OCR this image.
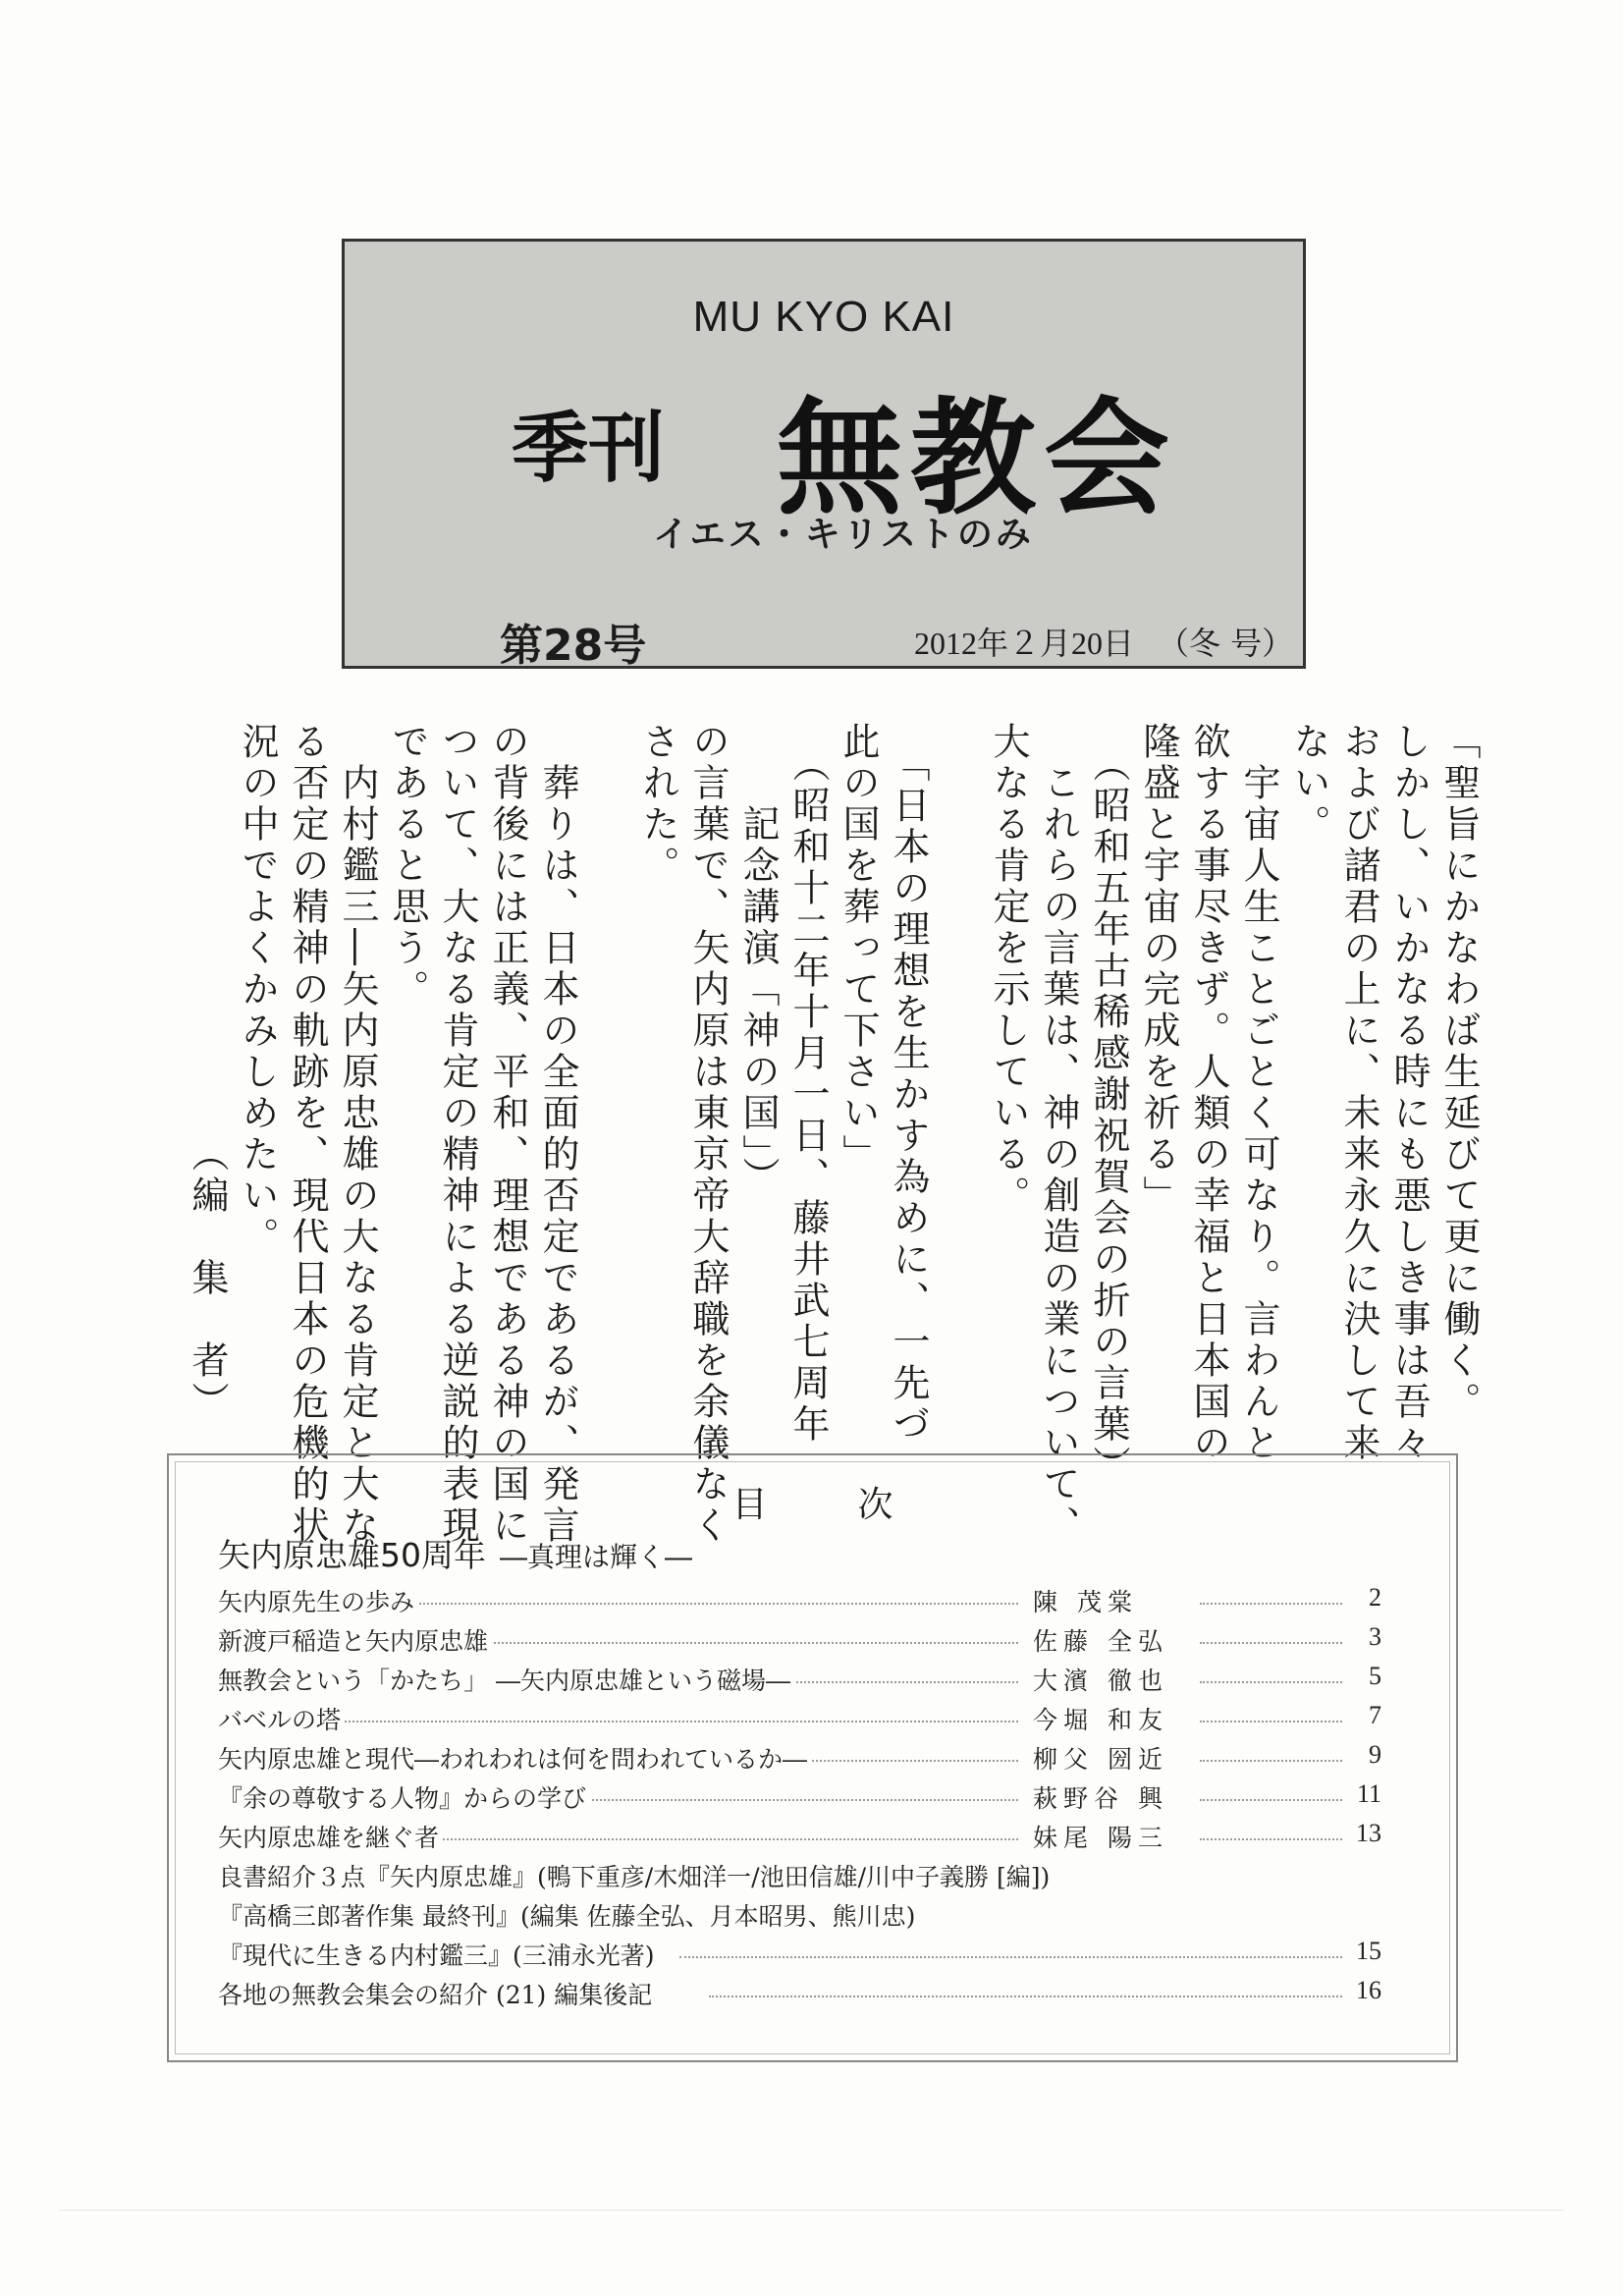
MU KYO KAI
季刊 無教会
イエス・キリストのみ
第28号	2012年２月20日 （冬 号）
「聖旨にかなわば生延びて更に働く。
しかし、いかなる時にも悪しき事は吾々
および諸君の上に、未来永久に決して来
ない。
　宇宙人生ことごとく可なり。言わんと
欲する事尽きず。人類の幸福と日本国の
隆盛と宇宙の完成を祈る」
　（昭和五年古稀感謝祝賀会の折の言葉）
　これらの言葉は、神の創造の業について、
大なる肯定を示している。
　「日本の理想を生かす為めに、一先づ
此の国を葬って下さい」
　（昭和十二年十月一日、藤井武七周年
　　記念講演「神の国」）
の言葉で、矢内原は東京帝大辞職を余儀なく
された。
　葬りは、日本の全面的否定であるが、発言
の背後には正義、平和、理想である神の国に
ついて、大なる肯定の精神による逆説的表現
であると思う。
　内村鑑三―矢内原忠雄の大なる肯定と大な
る否定の精神の軌跡を、現代日本の危機的状
況の中でよくかみしめたい。
（編　集　者）
目次
矢内原忠雄50周年 ―真理は輝く―
矢内原先生の歩み	陳 茂棠	2
新渡戸稲造と矢内原忠雄	佐藤 全弘	3
無教会という「かたち」 ―矢内原忠雄という磁場―	大濱 徹也	5
バベルの塔	今堀 和友	7
矢内原忠雄と現代―われわれは何を問われているか―	柳父 圀近	9
『余の尊敬する人物』からの学び	萩野谷 興	11
矢内原忠雄を継ぐ者	妹尾 陽三	13
良書紹介３点『矢内原忠雄』(鴨下重彦/木畑洋一/池田信雄/川中子義勝 [編])
『高橋三郎著作集 最終刊』(編集 佐藤全弘、月本昭男、熊川忠)
『現代に生きる内村鑑三』(三浦永光著)	15
各地の無教会集会の紹介 (21) 編集後記	16
